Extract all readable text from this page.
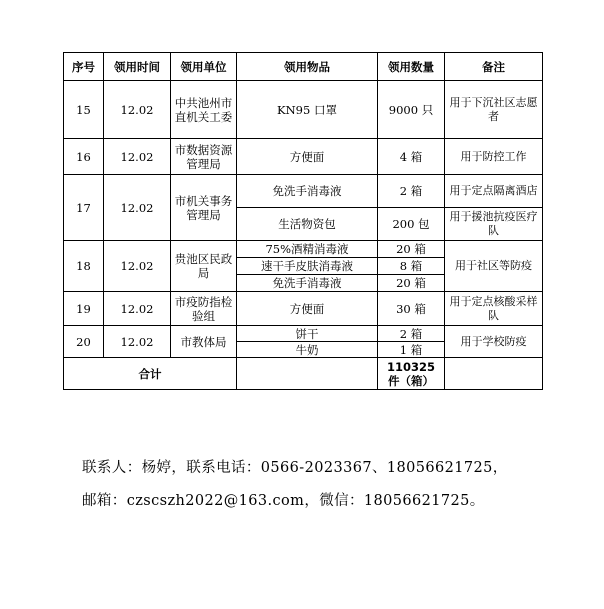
序号	领用时间	领用单位	领用物品	领用数量	备注
15	12.02	中共池州市直机关工委	KN95 口罩	9000 只	用于下沉社区志愿者
16	12.02	市数据资源管理局	方便面	4 箱	用于防控工作
17	12.02	市机关事务管理局	免洗手消毒液	2 箱	用于定点隔离酒店
			生活物资包	200 包	用于援池抗疫医疗队
18	12.02	贵池区民政局	75%酒精消毒液	20 箱	用于社区等防疫
			速干手皮肤消毒液	8 箱	
			免洗手消毒液	20 箱	
19	12.02	市疫防指检验组	方便面	30 箱	用于定点核酸采样队
20	12.02	市教体局	饼干	2 箱	用于学校防疫
			牛奶	1 箱	
合计				110325 件（箱）	
联系人：杨婷，联系电话：0566-2023367、18056621725，
邮箱：czscszh2022@163.com，微信：18056621725。
